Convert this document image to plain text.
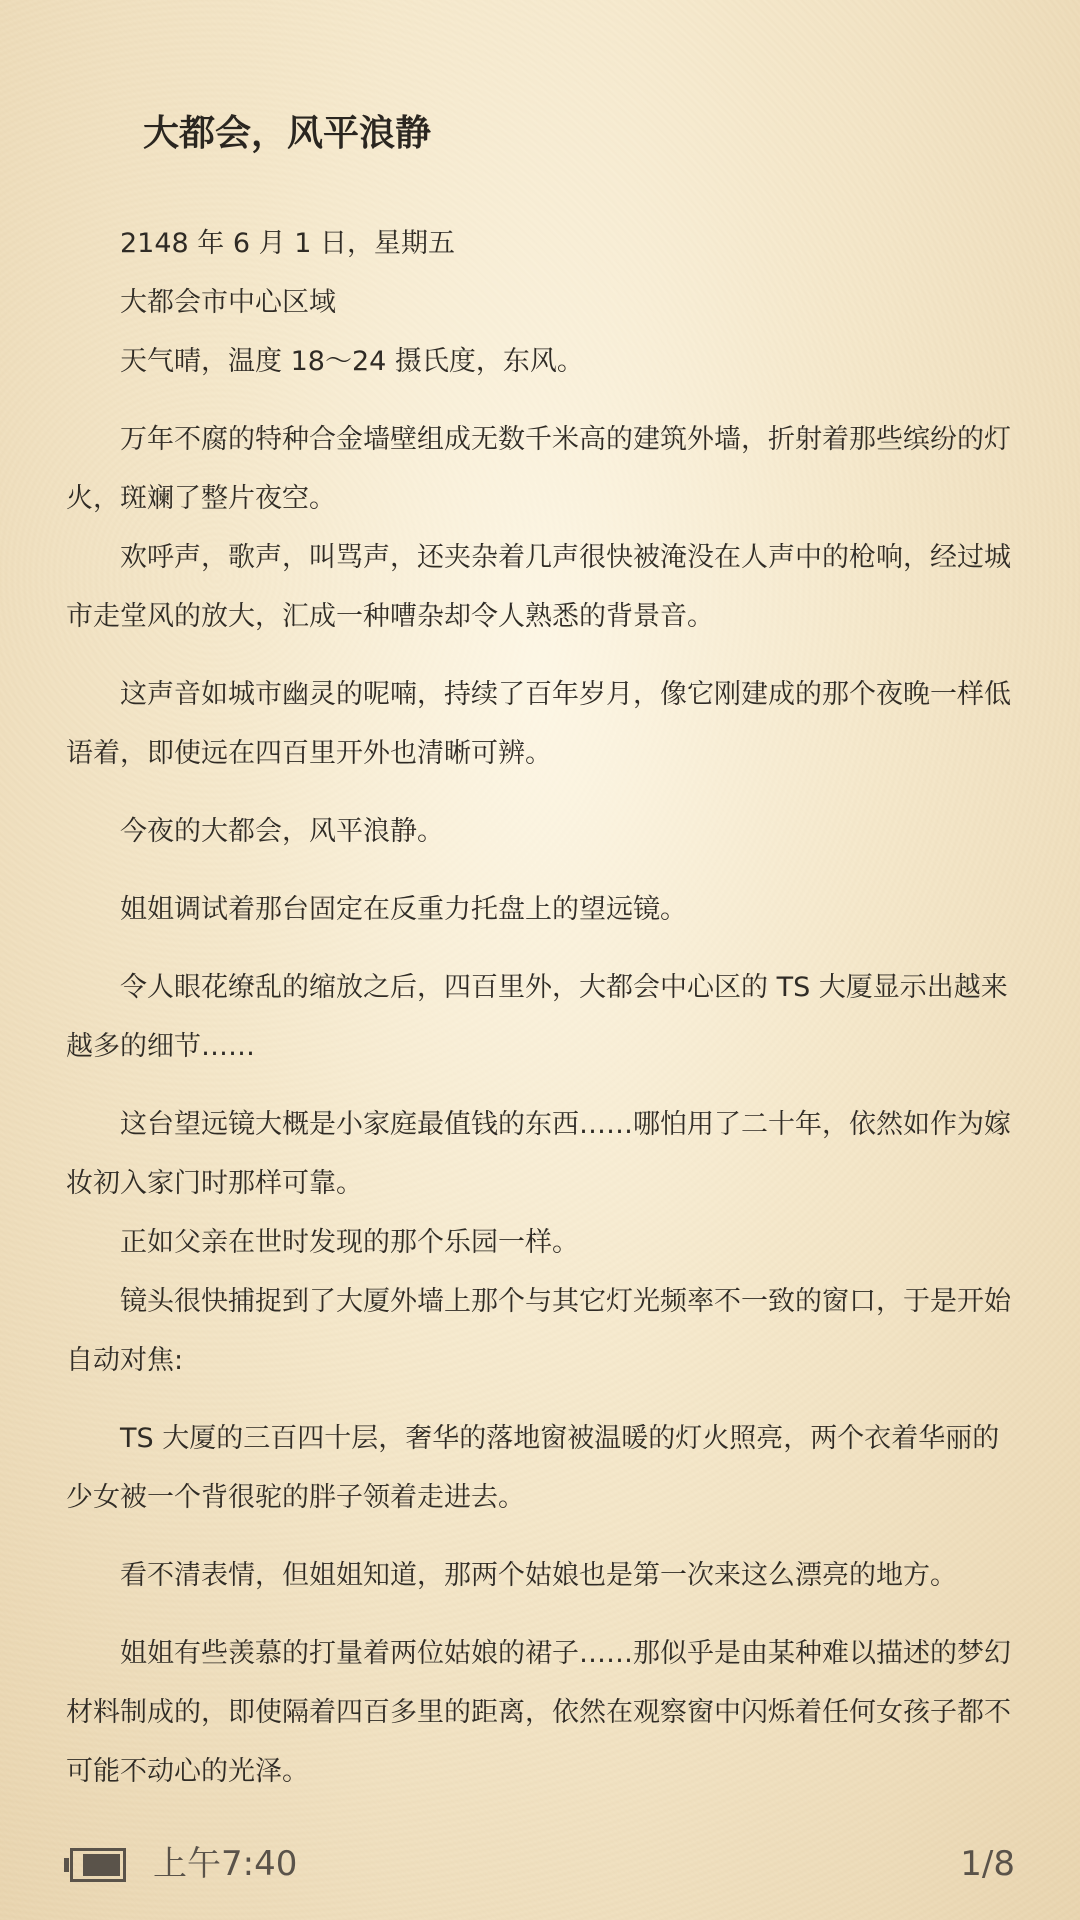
大都会，风平浪静

2148 年 6 月 1 日，星期五

大都会市中心区域

天气晴，温度 18～24 摄氏度，东风。

万年不腐的特种合金墙壁组成无数千米高的建筑外墙，折射着那些缤纷的灯火，斑斓了整片夜空。

欢呼声，歌声，叫骂声，还夹杂着几声很快被淹没在人声中的枪响，经过城市走堂风的放大，汇成一种嘈杂却令人熟悉的背景音。

这声音如城市幽灵的呢喃，持续了百年岁月，像它刚建成的那个夜晚一样低语着，即使远在四百里开外也清晰可辨。

今夜的大都会，风平浪静。

姐姐调试着那台固定在反重力托盘上的望远镜。

令人眼花缭乱的缩放之后，四百里外，大都会中心区的 TS 大厦显示出越来越多的细节……

这台望远镜大概是小家庭最值钱的东西……哪怕用了二十年，依然如作为嫁妆初入家门时那样可靠。

正如父亲在世时发现的那个乐园一样。

镜头很快捕捉到了大厦外墙上那个与其它灯光频率不一致的窗口，于是开始自动对焦:

TS 大厦的三百四十层，奢华的落地窗被温暖的灯火照亮，两个衣着华丽的少女被一个背很驼的胖子领着走进去。

看不清表情，但姐姐知道，那两个姑娘也是第一次来这么漂亮的地方。

姐姐有些羡慕的打量着两位姑娘的裙子……那似乎是由某种难以描述的梦幻材料制成的，即使隔着四百多里的距离，依然在观察窗中闪烁着任何女孩子都不可能不动心的光泽。

上午7:40	1/8
